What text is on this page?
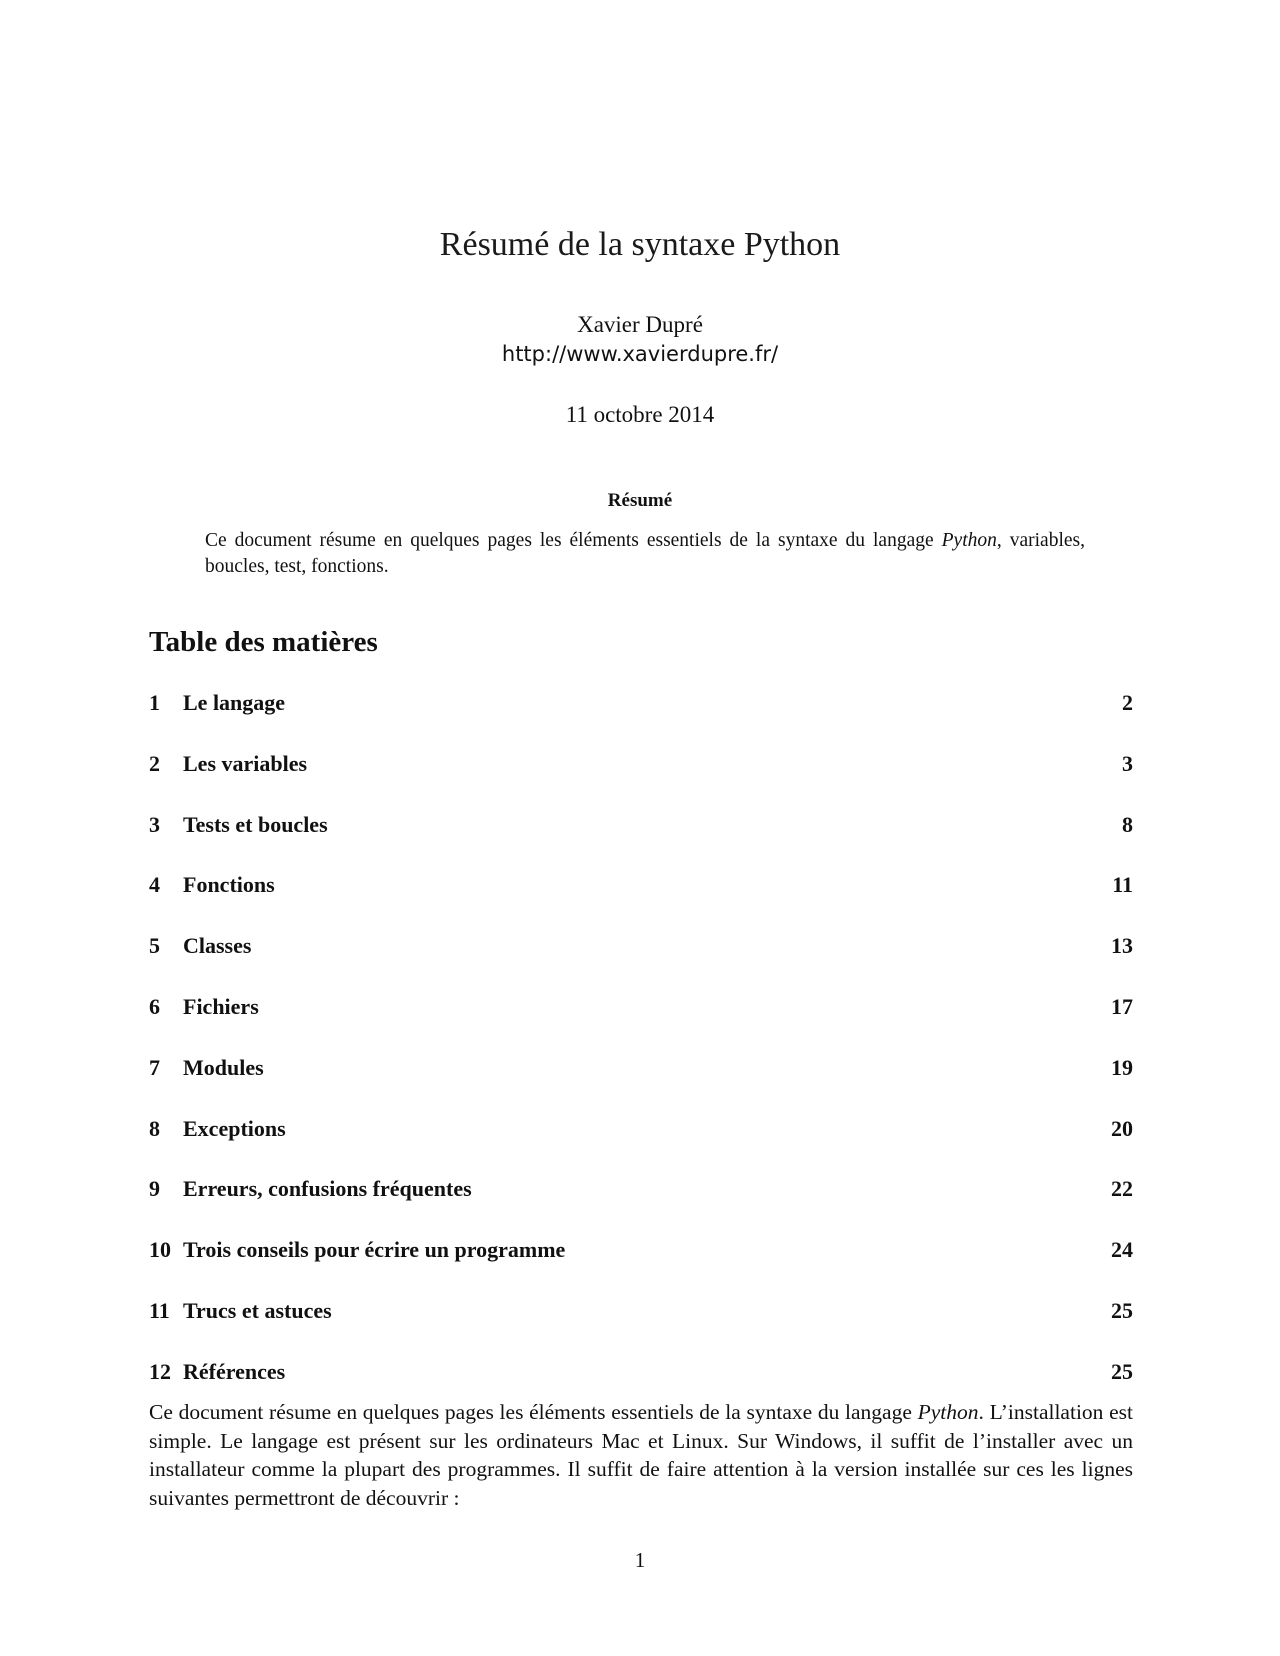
Résumé de la syntaxe Python
Xavier Dupré
http://www.xavierdupre.fr/
11 octobre 2014
Résumé
Ce document résume en quelques pages les éléments essentiels de la syntaxe du langage Python, variables, boucles, test, fonctions.
Table des matières
1	Le langage	2
2	Les variables	3
3	Tests et boucles	8
4	Fonctions	11
5	Classes	13
6	Fichiers	17
7	Modules	19
8	Exceptions	20
9	Erreurs, confusions fréquentes	22
10 Trois conseils pour écrire un programme	24
11 Trucs et astuces	25
12 Références	25

Ce document résume en quelques pages les éléments essentiels de la syntaxe du langage Python. L’installation est simple. Le langage est présent sur les ordinateurs Mac et Linux. Sur Windows, il suffit de l’installer avec un installateur comme la plupart des programmes. Il suffit de faire attention à la version installée sur ces les lignes suivantes permettront de découvrir :

1
